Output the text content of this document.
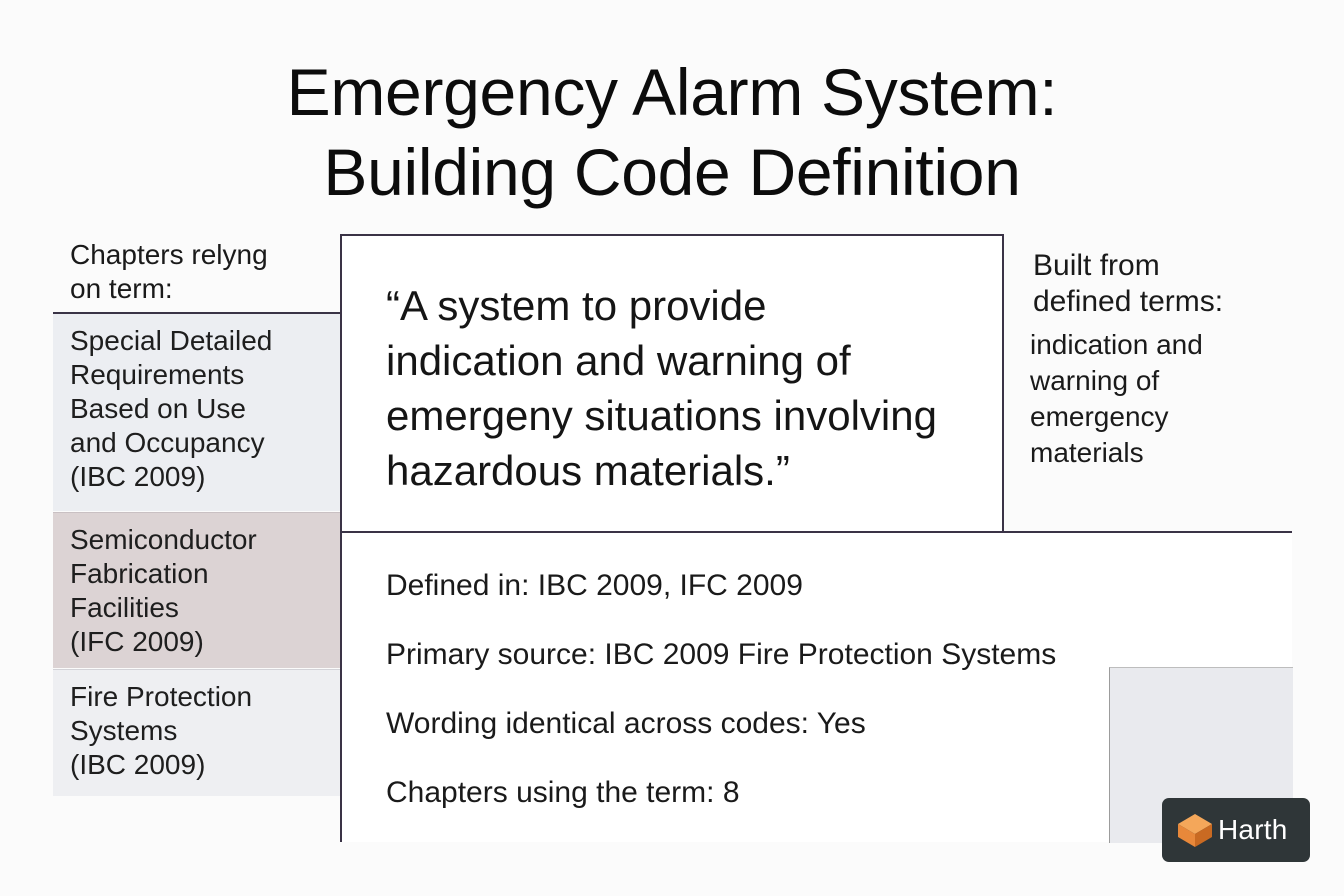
Emergency Alarm System:
Building Code Definition
Chapters relyng
on term:
Special Detailed
Requirements
Based on Use
and Occupancy
(IBC 2009)
Semiconductor
Fabrication
Facilities
(IFC 2009)
Fire Protection
Systems
(IBC 2009)
“A system to provide
indication and warning of
emergeny situations involving
hazardous materials.”
Built from
defined terms:
indication and
warning of
emergency
materials
Defined in: IBC 2009, IFC 2009
Primary source: IBC 2009 Fire Protection Systems
Wording identical across codes: Yes
Chapters using the term: 8
Harth
